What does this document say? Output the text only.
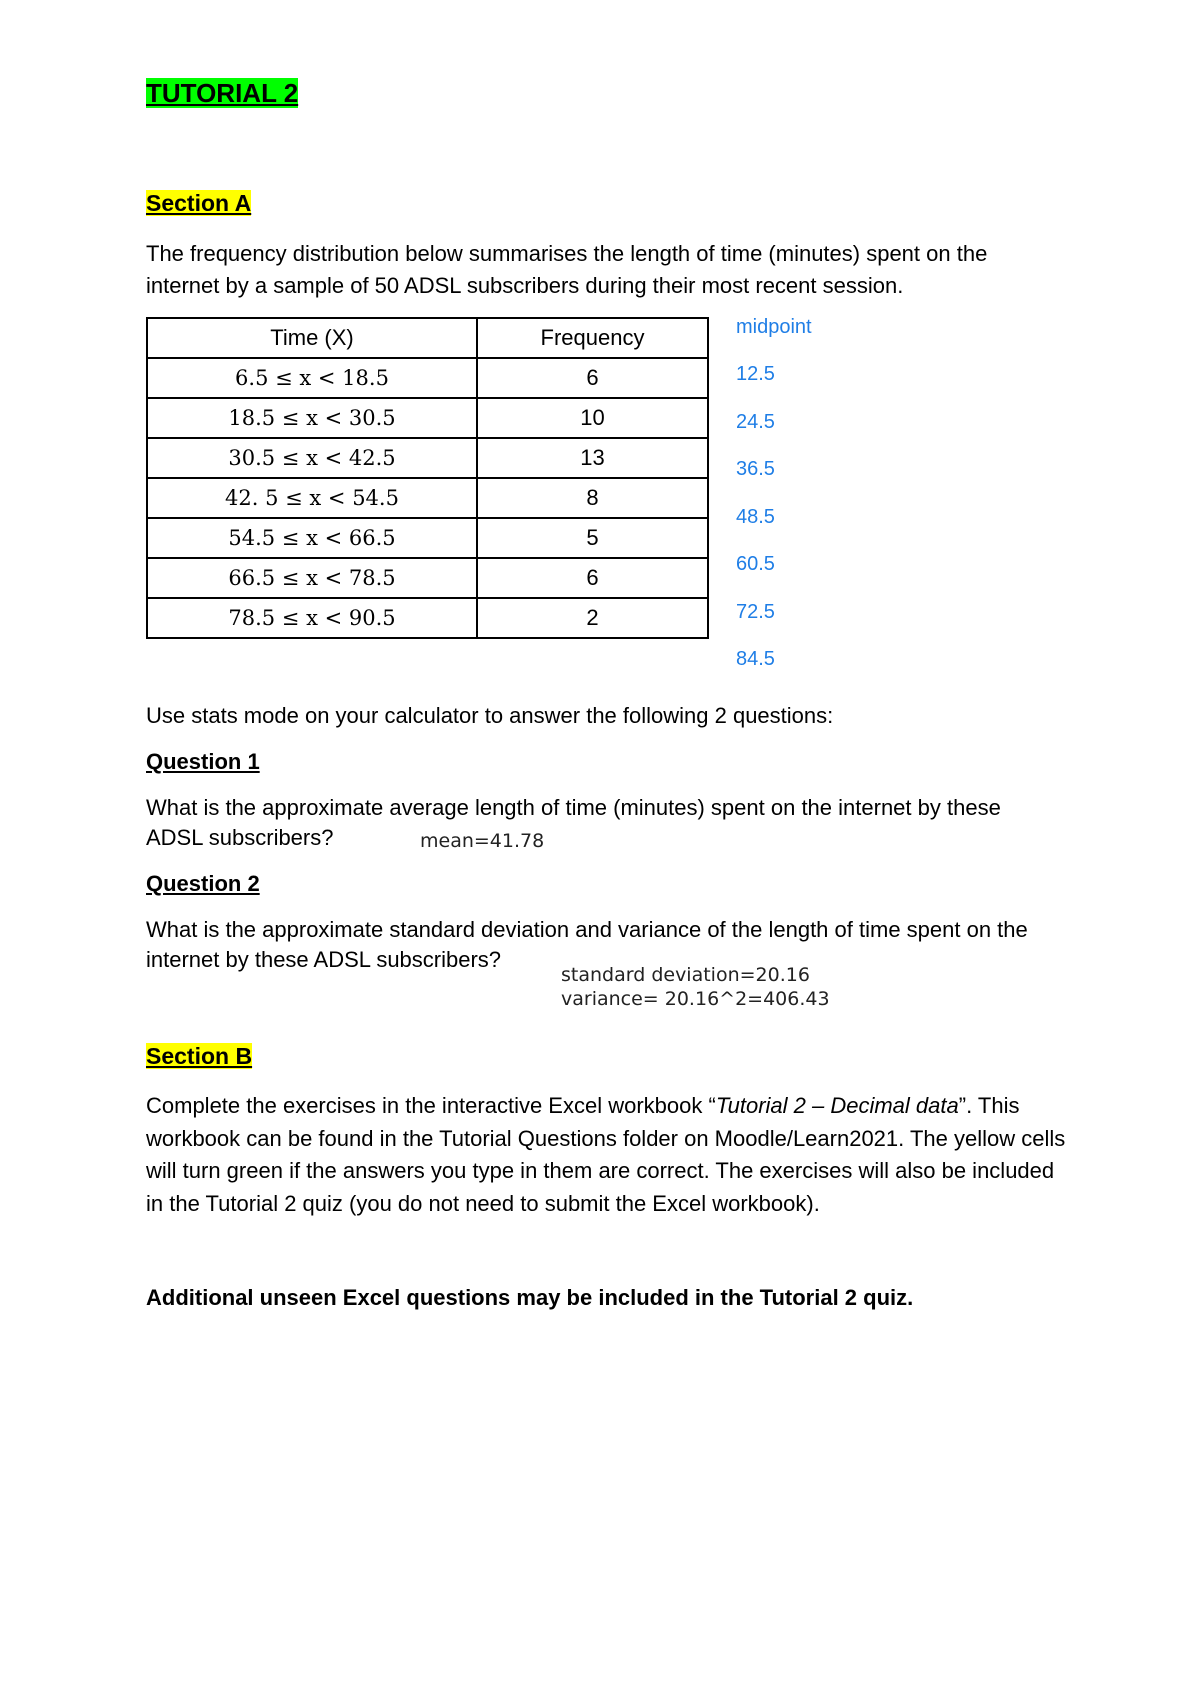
TUTORIAL 2
Section A
The frequency distribution below summarises the length of time (minutes) spent on the
internet by a sample of 50 ADSL subscribers during their most recent session.
Time (X)	Frequency
6.5 ≤ x < 18.5	6
18.5 ≤ x < 30.5	10
30.5 ≤ x < 42.5	13
42. 5 ≤ x < 54.5	8
54.5 ≤ x < 66.5	5
66.5 ≤ x < 78.5	6
78.5 ≤ x < 90.5	2
midpoint
12.5
24.5
36.5
48.5
60.5
72.5
84.5
Use stats mode on your calculator to answer the following 2 questions:
Question 1
What is the approximate average length of time (minutes) spent on the internet by these
ADSL subscribers?	mean=41.78
Question 2
What is the approximate standard deviation and variance of the length of time spent on the
internet by these ADSL subscribers?
standard deviation=20.16
variance= 20.16^2=406.43
Section B
Complete the exercises in the interactive Excel workbook “Tutorial 2 – Decimal data”. This workbook can be found in the Tutorial Questions folder on Moodle/Learn2021. The yellow cells will turn green if the answers you type in them are correct. The exercises will also be included in the Tutorial 2 quiz (you do not need to submit the Excel workbook).
Additional unseen Excel questions may be included in the Tutorial 2 quiz.
